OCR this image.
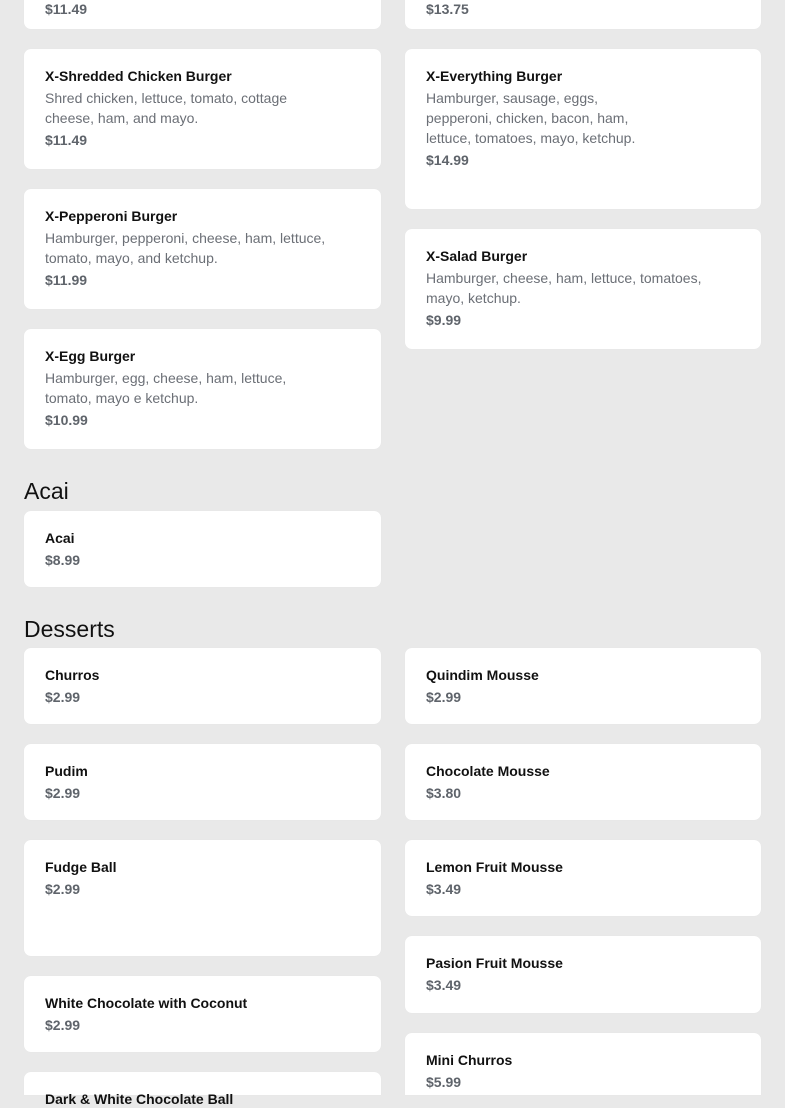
$11.49	$13.75
X-Shredded Chicken Burger
Shred chicken, lettuce, tomato, cottage cheese, ham, and mayo.
$11.49
X-Everything Burger
Hamburger, sausage, eggs, pepperoni, chicken, bacon, ham, lettuce, tomatoes, mayo, ketchup.
$14.99
X-Pepperoni Burger
Hamburger, pepperoni, cheese, ham, lettuce, tomato, mayo, and ketchup.
$11.99
X-Salad Burger
Hamburger, cheese, ham, lettuce, tomatoes, mayo, ketchup.
$9.99
X-Egg Burger
Hamburger, egg, cheese, ham, lettuce, tomato, mayo e ketchup.
$10.99
Acai
Acai
$8.99
Desserts
Churros
$2.99
Quindim Mousse
$2.99
Pudim
$2.99
Chocolate Mousse
$3.80
Fudge Ball
$2.99
Lemon Fruit Mousse
$3.49
Pasion Fruit Mousse
$3.49
White Chocolate with Coconut
$2.99
Mini Churros
$5.99
Dark & White Chocolate Ball
